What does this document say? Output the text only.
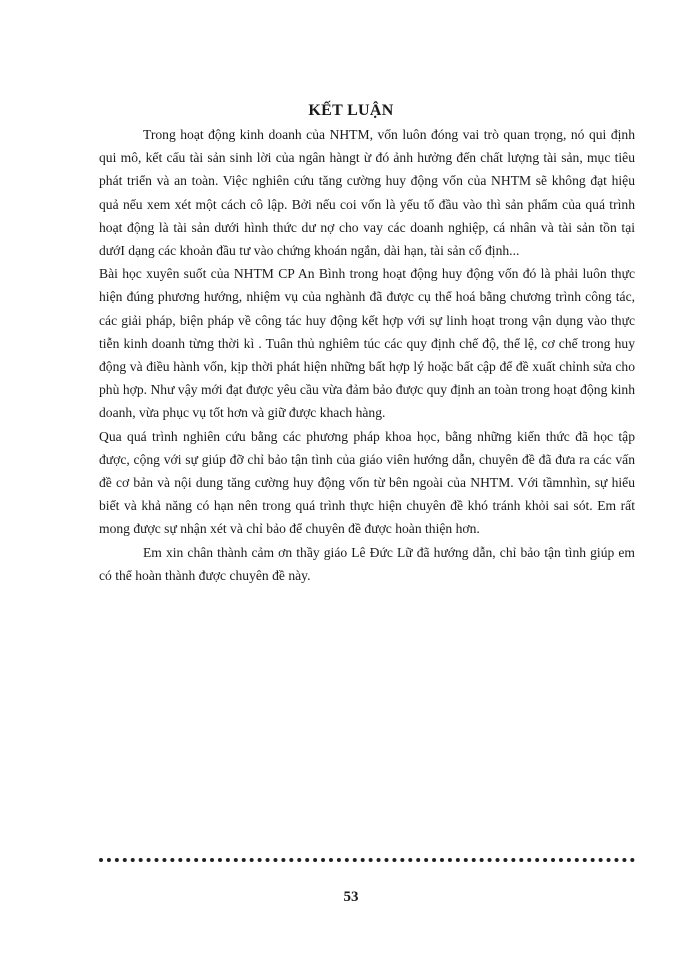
KẾT LUẬN

Trong hoạt động kinh doanh của NHTM, vốn luôn đóng vai trò quan trọng, nó qui định qui mô, kết cấu tài sản sinh lời của ngân hàngt ừ đó ảnh hưởng đến chất lượng tài sản, mục tiêu phát triển và an toàn. Việc nghiên cứu tăng cường huy động vốn của NHTM sẽ không đạt hiệu quả nếu xem xét một cách cô lập. Bởi nếu coi vốn là yếu tố đầu vào thì sản phẩm của quá trình hoạt động là tài sản dưới hình thức dư nợ cho vay các doanh nghiệp, cá nhân và tài sản tồn tại dướI dạng các khoản đầu tư vào chứng khoán ngắn, dài hạn, tài sản cố định...

Bài học xuyên suốt của NHTM CP An Bình trong hoạt động huy động vốn đó là phải luôn thực hiện đúng phương hướng, nhiệm vụ của nghành đã được cụ thể hoá bằng chương trình công tác, các giải pháp, biện pháp về công tác huy động kết hợp với sự linh hoạt trong vận dụng vào thực tiễn kinh doanh từng thời kì . Tuân thủ nghiêm túc các quy định chế độ, thể lệ, cơ chế trong huy động và điều hành vốn, kịp thời phát hiện những bất hợp lý hoặc bất cập để đề xuất chỉnh sửa cho phù hợp. Như vậy mới đạt được yêu cầu vừa đảm bảo được quy định an toàn trong hoạt động kinh doanh, vừa phục vụ tốt hơn và giữ được khach hàng.

Qua quá trình nghiên cứu bằng các phương pháp khoa học, bằng những kiến thức đã học tập được, cộng với sự giúp đỡ chỉ bảo tận tình của giáo viên hướng dẫn, chuyên đề đã đưa ra các vấn đề cơ bản và nội dung tăng cường huy động vốn từ bên ngoài của NHTM. Với tầmnhìn, sự hiểu biết và khả năng có hạn nên trong quá trình thực hiện chuyên đề khó tránh khỏi sai sót. Em rất mong được sự nhận xét và chỉ bảo để chuyên đề được hoàn thiện hơn.

Em xin chân thành cảm ơn thầy giáo Lê Đức Lữ đã hướng dẫn, chỉ bảo tận tình giúp em có thể hoàn thành được chuyên đề này.

53
